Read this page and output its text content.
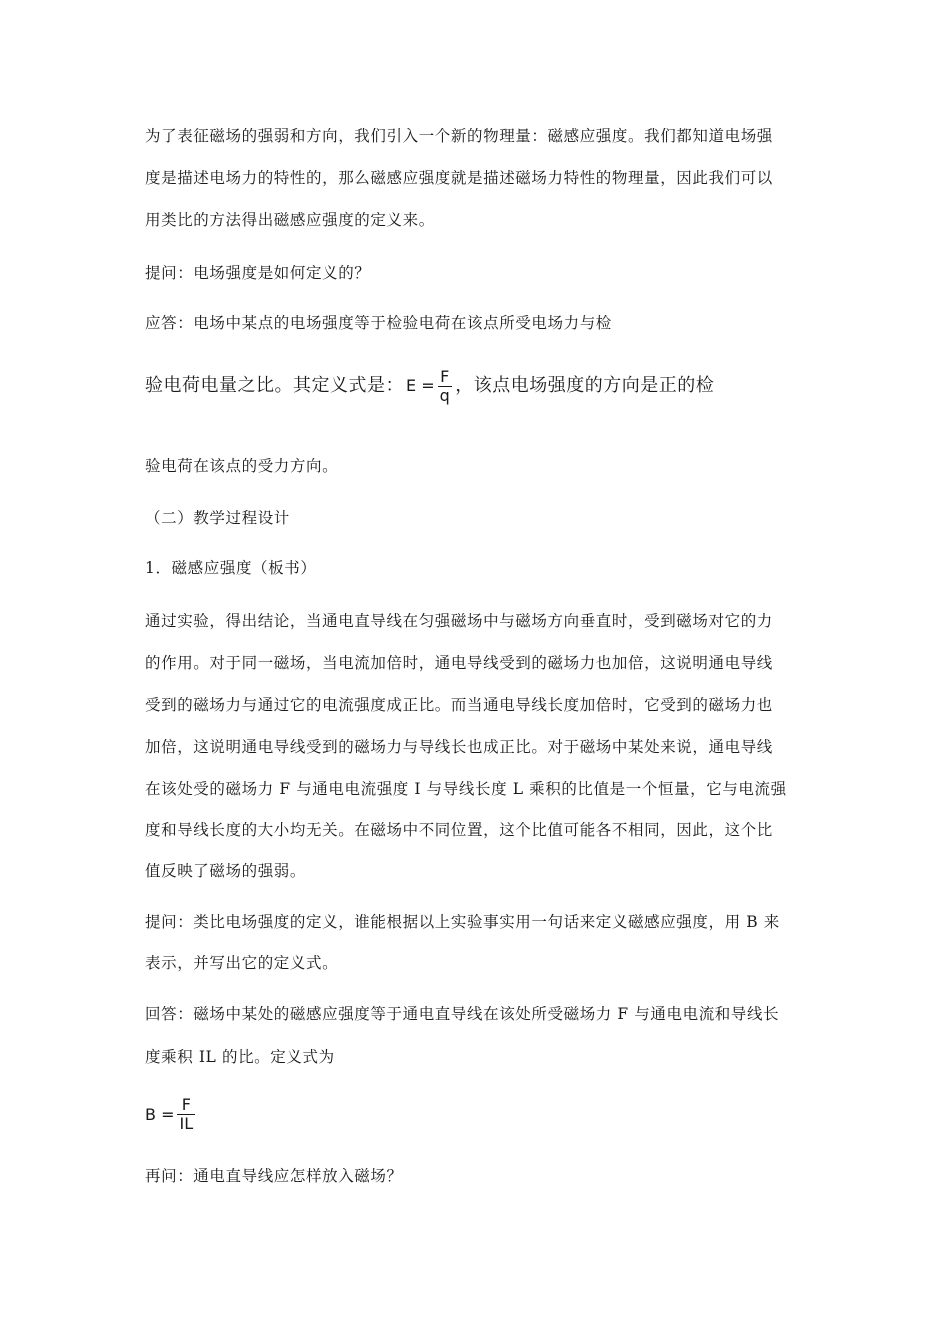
为了表征磁场的强弱和方向，我们引入一个新的物理量：磁感应强度。我们都知道电场强
度是描述电场力的特性的，那么磁感应强度就是描述磁场力特性的物理量，因此我们可以
用类比的方法得出磁感应强度的定义来。
提问：电场强度是如何定义的？
应答：电场中某点的电场强度等于检验电荷在该点所受电场力与检
验电荷电量之比。其定义式是： $E = \frac{F}{q}$ ，该点电场强度的方向是正的检
验电荷在该点的受力方向。
（二）教学过程设计
1．磁感应强度（板书）
通过实验，得出结论，当通电直导线在匀强磁场中与磁场方向垂直时，受到磁场对它的力
的作用。对于同一磁场，当电流加倍时，通电导线受到的磁场力也加倍，这说明通电导线
受到的磁场力与通过它的电流强度成正比。而当通电导线长度加倍时，它受到的磁场力也
加倍，这说明通电导线受到的磁场力与导线长也成正比。对于磁场中某处来说，通电导线
在该处受的磁场力 F 与通电电流强度 I 与导线长度 L 乘积的比值是一个恒量，它与电流强
度和导线长度的大小均无关。在磁场中不同位置，这个比值可能各不相同，因此，这个比
值反映了磁场的强弱。
提问：类比电场强度的定义，谁能根据以上实验事实用一句话来定义磁感应强度，用 B 来
表示，并写出它的定义式。
回答：磁场中某处的磁感应强度等于通电直导线在该处所受磁场力 F 与通电电流和导线长
度乘积 IL 的比。定义式为
$B = \frac{F}{IL}$
再问：通电直导线应怎样放入磁场？
